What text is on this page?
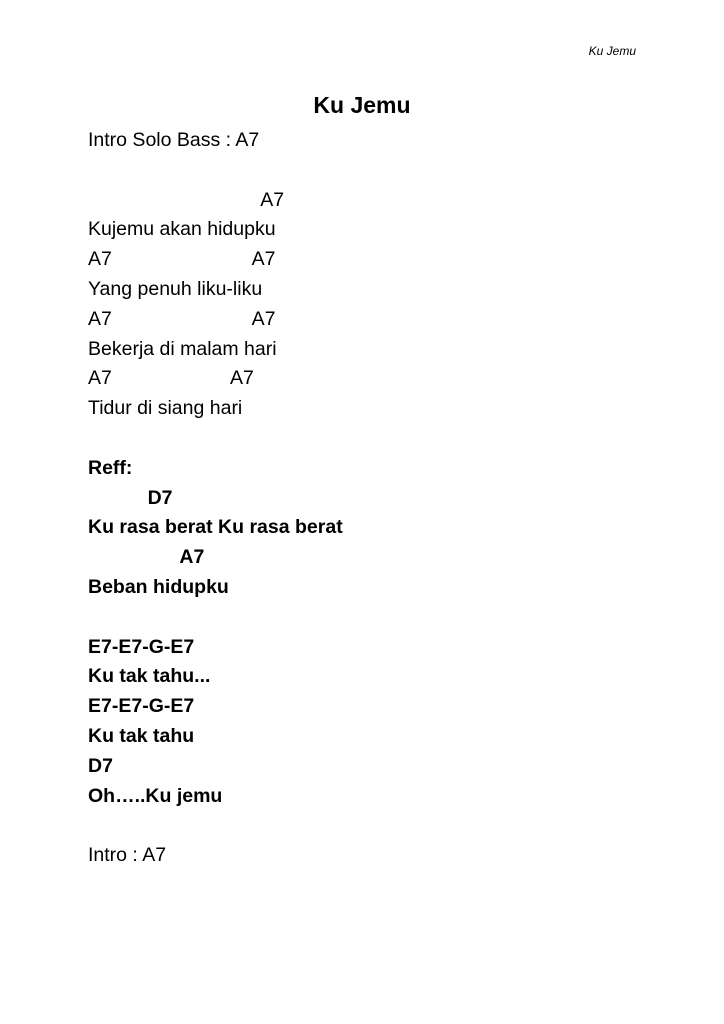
Ku Jemu
Ku Jemu
Intro Solo Bass : A7
A7
Kujemu akan hidupku
A7                          A7
Yang penuh liku-liku
A7                          A7
Bekerja di malam hari
A7                      A7
Tidur di siang hari
Reff:
D7
Ku rasa berat Ku rasa berat
A7
Beban hidupku
E7-E7-G-E7
Ku tak tahu...
E7-E7-G-E7
Ku tak tahu
D7
Oh…..Ku jemu
Intro : A7
